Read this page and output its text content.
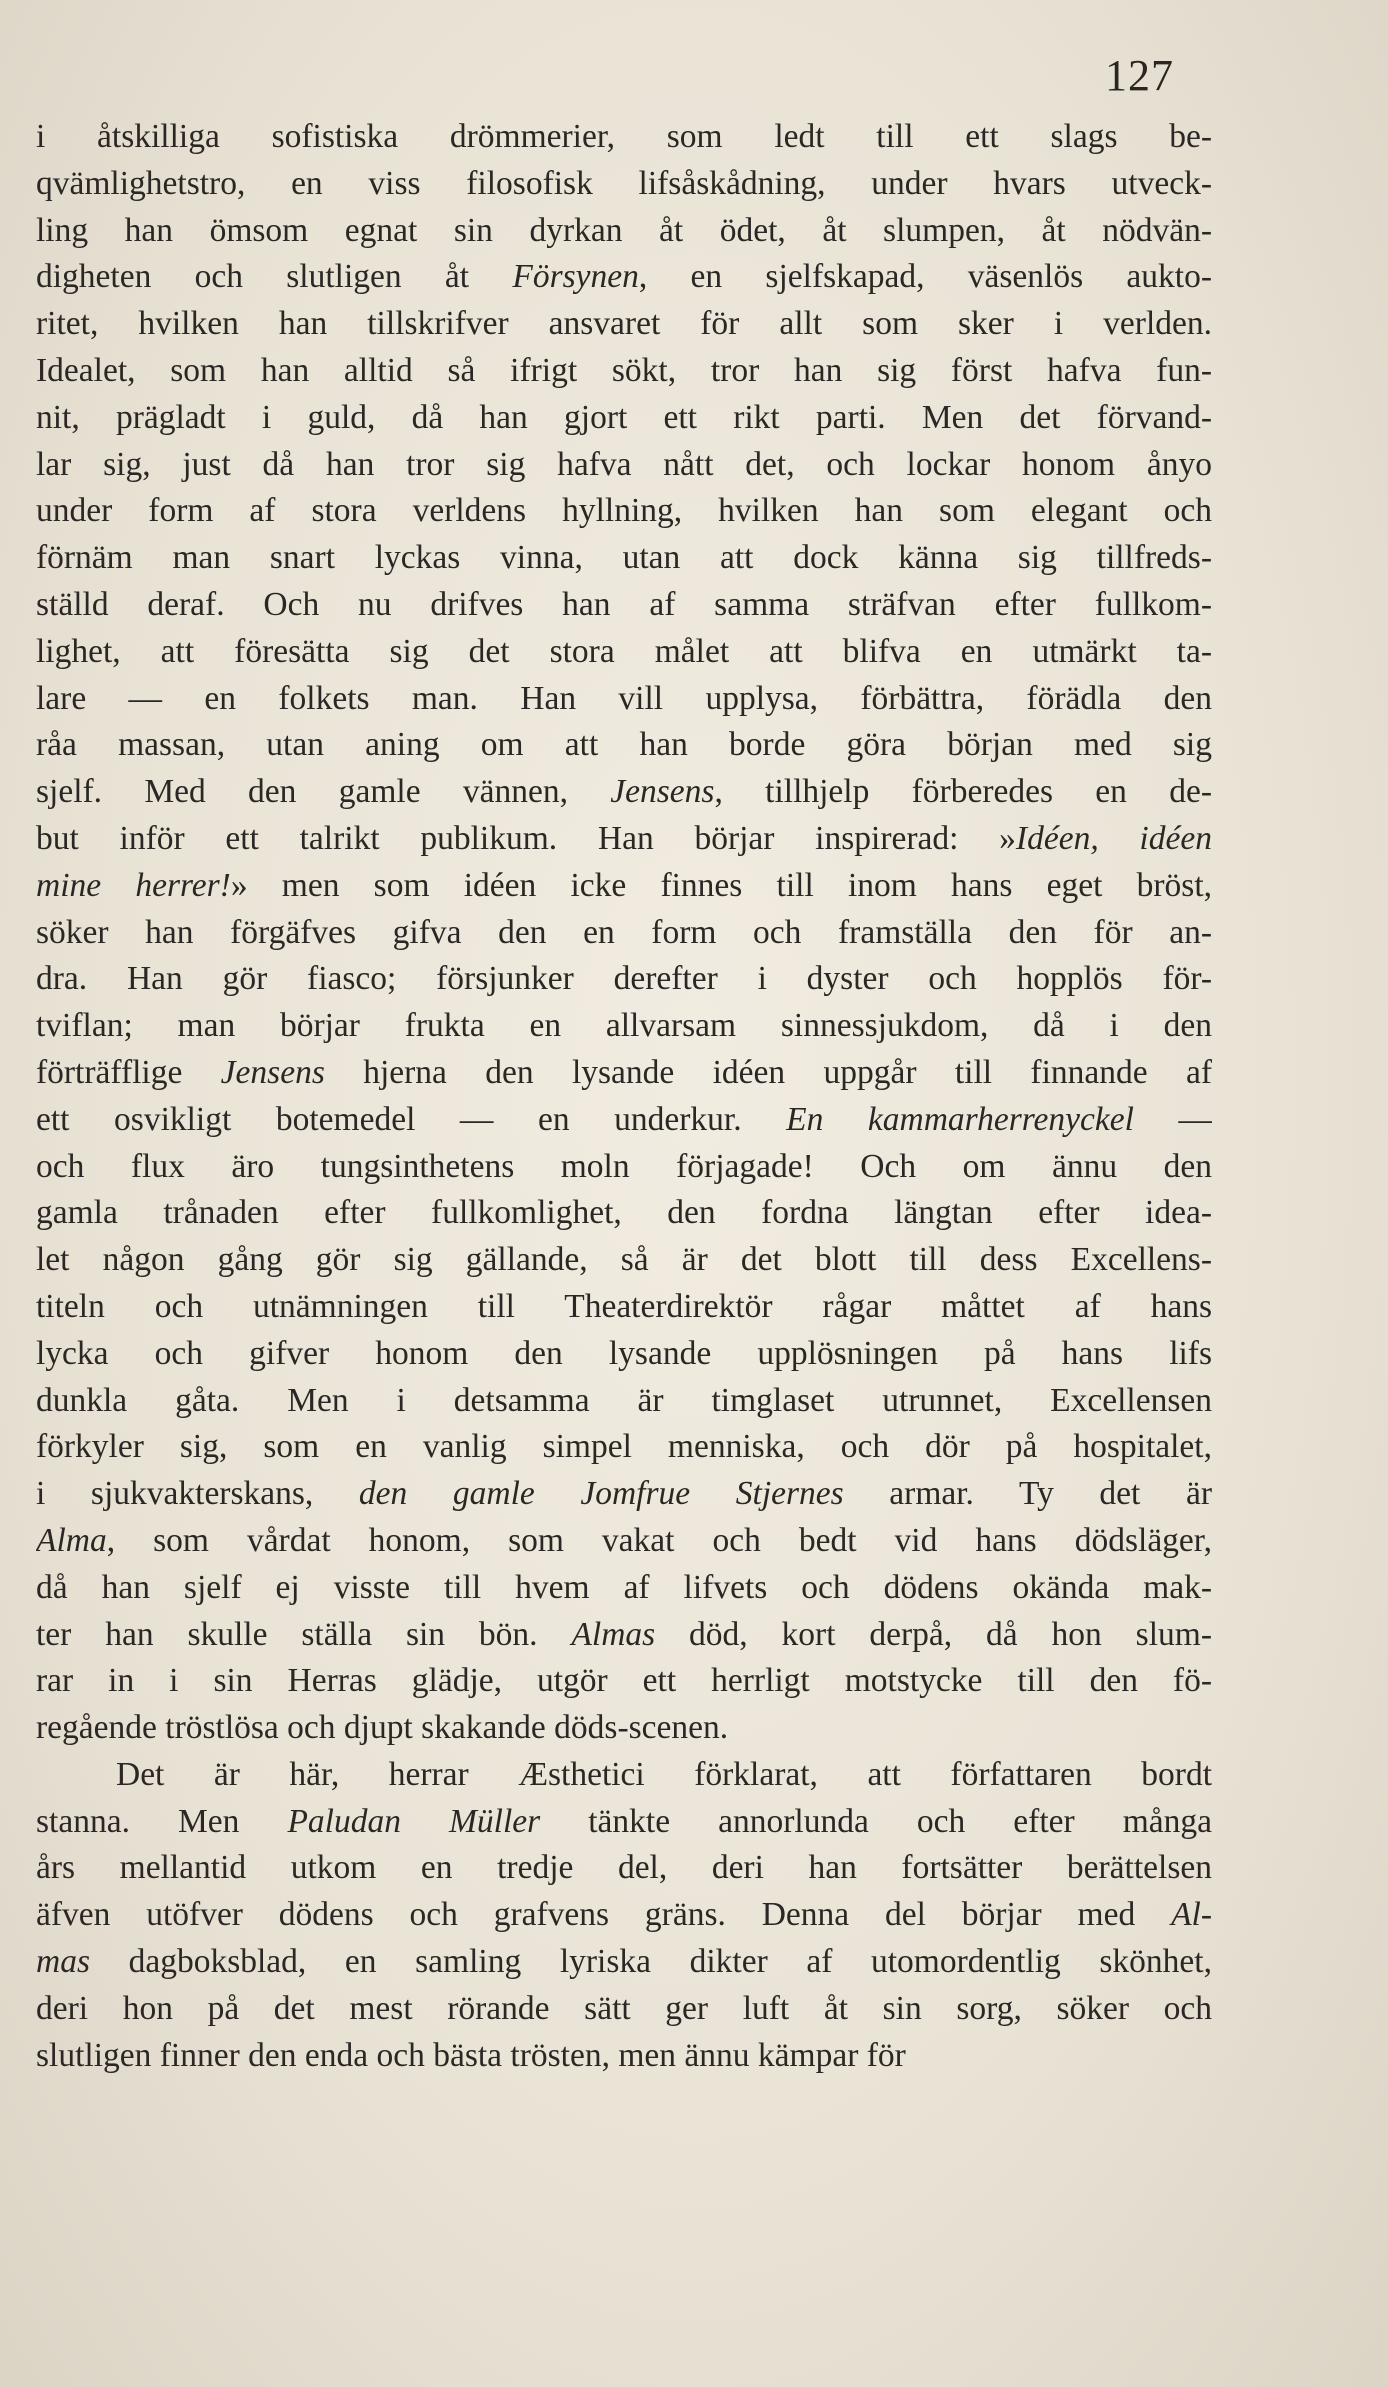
127
i åtskilliga sofistiska drömmerier, som ledt till ett slags be-
qvämlighetstro, en viss filosofisk lifsåskådning, under hvars utveck-
ling han ömsom egnat sin dyrkan åt ödet, åt slumpen, åt nödvän-
digheten och slutligen åt Försynen, en sjelfskapad, väsenlös aukto-
ritet, hvilken han tillskrifver ansvaret för allt som sker i verlden.
Idealet, som han alltid så ifrigt sökt, tror han sig först hafva fun-
nit, prägladt i guld, då han gjort ett rikt parti. Men det förvand-
lar sig, just då han tror sig hafva nått det, och lockar honom ånyo
under form af stora verldens hyllning, hvilken han som elegant och
förnäm man snart lyckas vinna, utan att dock känna sig tillfreds-
ställd deraf. Och nu drifves han af samma sträfvan efter fullkom-
lighet, att föresätta sig det stora målet att blifva en utmärkt ta-
lare — en folkets man. Han vill upplysa, förbättra, förädla den
råa massan, utan aning om att han borde göra början med sig
sjelf. Med den gamle vännen, Jensens, tillhjelp förberedes en de-
but inför ett talrikt publikum. Han börjar inspirerad: »Idéen, idéen
mine herrer!» men som idéen icke finnes till inom hans eget bröst,
söker han förgäfves gifva den en form och framställa den för an-
dra. Han gör fiasco; försjunker derefter i dyster och hopplös för-
tviflan; man börjar frukta en allvarsam sinnessjukdom, då i den
förträfflige Jensens hjerna den lysande idéen uppgår till finnande af
ett osvikligt botemedel — en underkur. En kammarherrenyckel —
och flux äro tungsinthetens moln förjagade! Och om ännu den
gamla trånaden efter fullkomlighet, den fordna längtan efter idea-
let någon gång gör sig gällande, så är det blott till dess Excellens-
titeln och utnämningen till Theaterdirektör rågar måttet af hans
lycka och gifver honom den lysande upplösningen på hans lifs
dunkla gåta. Men i detsamma är timglaset utrunnet, Excellensen
förkyler sig, som en vanlig simpel menniska, och dör på hospitalet,
i sjukvakterskans, den gamle Jomfrue Stjernes armar. Ty det är
Alma, som vårdat honom, som vakat och bedt vid hans dödsläger,
då han sjelf ej visste till hvem af lifvets och dödens okända mak-
ter han skulle ställa sin bön. Almas död, kort derpå, då hon slum-
rar in i sin Herras glädje, utgör ett herrligt motstycke till den fö-
regående tröstlösa och djupt skakande döds-scenen.
Det är här, herrar Æsthetici förklarat, att författaren bordt
stanna. Men Paludan Müller tänkte annorlunda och efter många
års mellantid utkom en tredje del, deri han fortsätter berättelsen
äfven utöfver dödens och grafvens gräns. Denna del börjar med Al-
mas dagboksblad, en samling lyriska dikter af utomordentlig skönhet,
deri hon på det mest rörande sätt ger luft åt sin sorg, söker och
slutligen finner den enda och bästa trösten, men ännu kämpar för
